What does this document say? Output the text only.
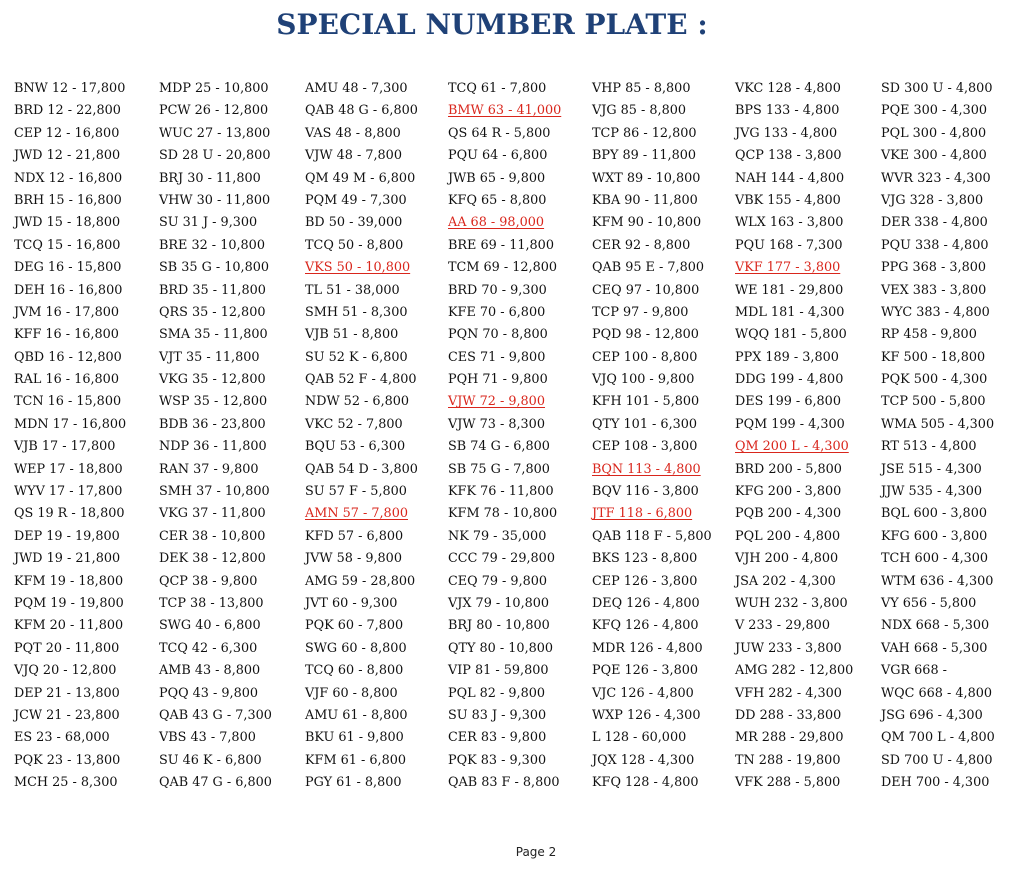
SPECIAL NUMBER PLATE :
BNW 12 - 17,800
BRD 12 - 22,800
CEP 12 - 16,800
JWD 12 - 21,800
NDX 12 - 16,800
BRH 15 - 16,800
JWD 15 - 18,800
TCQ 15 - 16,800
DEG 16 - 15,800
DEH 16 - 16,800
JVM 16 - 17,800
KFF 16 - 16,800
QBD 16 - 12,800
RAL 16 - 16,800
TCN 16 - 15,800
MDN 17 - 16,800
VJB 17 - 17,800
WEP 17 - 18,800
WYV 17 - 17,800
QS 19 R - 18,800
DEP 19 - 19,800
JWD 19 - 21,800
KFM 19 - 18,800
PQM 19 - 19,800
KFM 20 - 11,800
PQT 20 - 11,800
VJQ 20 - 12,800
DEP 21 - 13,800
JCW 21 - 23,800
ES 23 - 68,000
PQK 23 - 13,800
MCH 25 - 8,300
MDP 25 - 10,800
PCW 26 - 12,800
WUC 27 - 13,800
SD 28 U - 20,800
BRJ 30 - 11,800
VHW 30 - 11,800
SU 31 J - 9,300
BRE 32 - 10,800
SB 35 G - 10,800
BRD 35 - 11,800
QRS 35 - 12,800
SMA 35 - 11,800
VJT 35 - 11,800
VKG 35 - 12,800
WSP 35 - 12,800
BDB 36 - 23,800
NDP 36 - 11,800
RAN 37 - 9,800
SMH 37 - 10,800
VKG 37 - 11,800
CER 38 - 10,800
DEK 38 - 12,800
QCP 38 - 9,800
TCP 38 - 13,800
SWG 40 - 6,800
TCQ 42 - 6,300
AMB 43 - 8,800
PQQ 43 - 9,800
QAB 43 G - 7,300
VBS 43 - 7,800
SU 46 K - 6,800
QAB 47 G - 6,800
AMU 48 - 7,300
QAB 48 G - 6,800
VAS 48 - 8,800
VJW 48 - 7,800
QM 49 M - 6,800
PQM 49 - 7,300
BD 50 - 39,000
TCQ 50 - 8,800
VKS 50 - 10,800
TL 51 - 38,000
SMH 51 - 8,300
VJB 51 - 8,800
SU 52 K - 6,800
QAB 52 F - 4,800
NDW 52 - 6,800
VKC 52 - 7,800
BQU 53 - 6,300
QAB 54 D - 3,800
SU 57 F - 5,800
AMN 57 - 7,800
KFD 57 - 6,800
JVW 58 - 9,800
AMG 59 - 28,800
JVT 60 - 9,300
PQK 60 - 7,800
SWG 60 - 8,800
TCQ 60 - 8,800
VJF 60 - 8,800
AMU 61 - 8,800
BKU 61 - 9,800
KFM 61 - 6,800
PGY 61 - 8,800
TCQ 61 - 7,800
BMW 63 - 41,000
QS 64 R - 5,800
PQU 64 - 6,800
JWB 65 - 9,800
KFQ 65 - 8,800
AA 68 - 98,000
BRE 69 - 11,800
TCM 69 - 12,800
BRD 70 - 9,300
KFE 70 - 6,800
PQN 70 - 8,800
CES 71 - 9,800
PQH 71 - 9,800
VJW 72 - 9,800
VJW 73 - 8,300
SB 74 G - 6,800
SB 75 G - 7,800
KFK 76 - 11,800
KFM 78 - 10,800
NK 79 - 35,000
CCC 79 - 29,800
CEQ 79 - 9,800
VJX 79 - 10,800
BRJ 80 - 10,800
QTY 80 - 10,800
VIP 81 - 59,800
PQL 82 - 9,800
SU 83 J - 9,300
CER 83 - 9,800
PQK 83 - 9,300
QAB 83 F - 8,800
VHP 85 - 8,800
VJG 85 - 8,800
TCP 86 - 12,800
BPY 89 - 11,800
WXT 89 - 10,800
KBA 90 - 11,800
KFM 90 - 10,800
CER 92 - 8,800
QAB 95 E - 7,800
CEQ 97 - 10,800
TCP 97 - 9,800
PQD 98 - 12,800
CEP 100 - 8,800
VJQ 100 - 9,800
KFH 101 - 5,800
QTY 101 - 6,300
CEP 108 - 3,800
BQN 113 - 4,800
BQV 116 - 3,800
JTF 118 - 6,800
QAB 118 F - 5,800
BKS 123 - 8,800
CEP 126 - 3,800
DEQ 126 - 4,800
KFQ 126 - 4,800
MDR 126 - 4,800
PQE 126 - 3,800
VJC 126 - 4,800
WXP 126 - 4,300
L 128 - 60,000
JQX 128 - 4,300
KFQ 128 - 4,800
VKC 128 - 4,800
BPS 133 - 4,800
JVG 133 - 4,800
QCP 138 - 3,800
NAH 144 - 4,800
VBK 155 - 4,800
WLX 163 - 3,800
PQU 168 - 7,300
VKF 177 - 3,800
WE 181 - 29,800
MDL 181 - 4,300
WQQ 181 - 5,800
PPX 189 - 3,800
DDG 199 - 4,800
DES 199 - 6,800
PQM 199 - 4,300
QM 200 L - 4,300
BRD 200 - 5,800
KFG 200 - 3,800
PQB 200 - 4,300
PQL 200 - 4,800
VJH 200 - 4,800
JSA 202 - 4,300
WUH 232 - 3,800
V 233 - 29,800
JUW 233 - 3,800
AMG 282 - 12,800
VFH 282 - 4,300
DD 288 - 33,800
MR 288 - 29,800
TN 288 - 19,800
VFK 288 - 5,800
SD 300 U - 4,800
PQE 300 - 4,300
PQL 300 - 4,800
VKE 300 - 4,800
WVR 323 - 4,300
VJG 328 - 3,800
DER 338 - 4,800
PQU 338 - 4,800
PPG 368 - 3,800
VEX 383 - 3,800
WYC 383 - 4,800
RP 458 - 9,800
KF 500 - 18,800
PQK 500 - 4,300
TCP 500 - 5,800
WMA 505 - 4,300
RT 513 - 4,800
JSE 515 - 4,300
JJW 535 - 4,300
BQL 600 - 3,800
KFG 600 - 3,800
TCH 600 - 4,300
WTM 636 - 4,300
VY 656 - 5,800
NDX 668 - 5,300
VAH 668 - 5,300
VGR 668 -
WQC 668 - 4,800
JSG 696 - 4,300
QM 700 L - 4,800
SD 700 U - 4,800
DEH 700 - 4,300
Page 2
